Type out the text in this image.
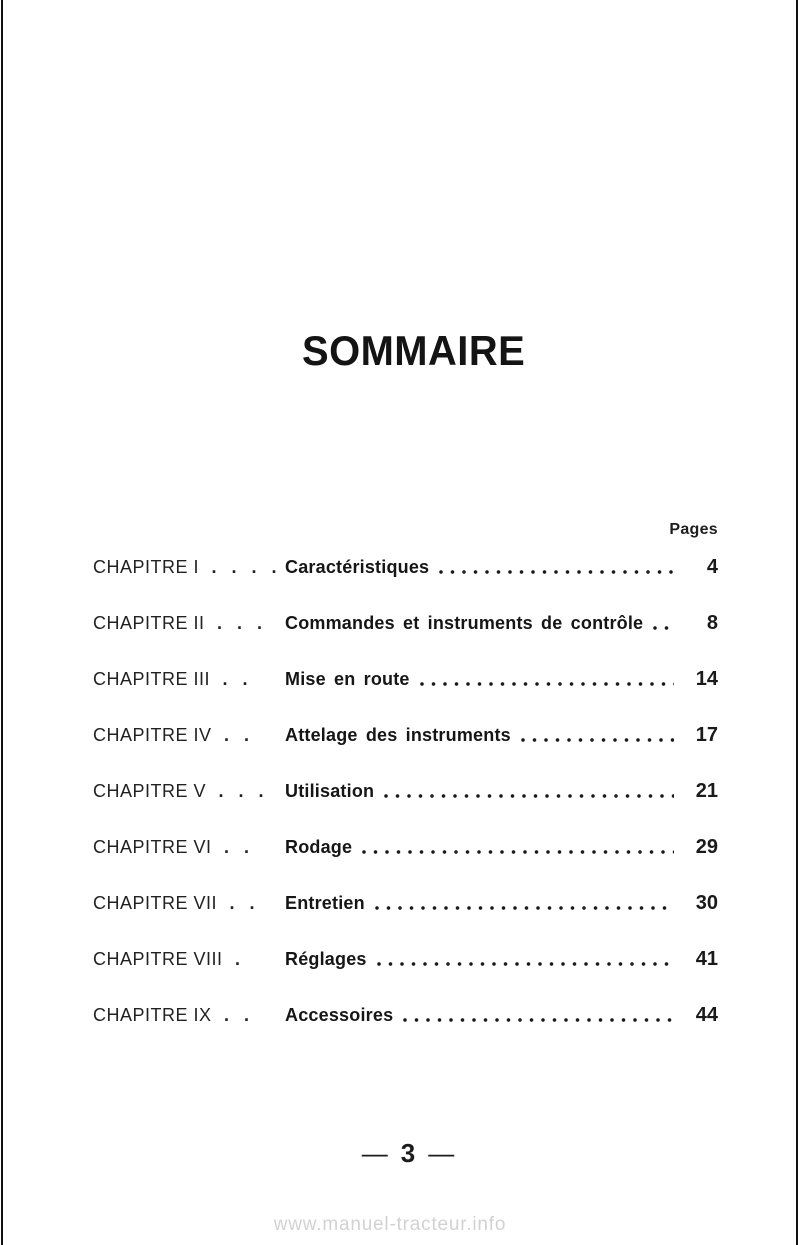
SOMMAIRE
Pages
CHAPITRE I . . . . Caractéristiques	4
CHAPITRE II . . . Commandes et instruments de contrôle	8
CHAPITRE III . .	Mise en route	14
CHAPITRE IV . .	Attelage des instruments	17
CHAPITRE V . . . Utilisation	21
CHAPITRE VI . .	Rodage	29
CHAPITRE VII . .	Entretien	30
CHAPITRE VIII .	Réglages	41
CHAPITRE IX . .	Accessoires	44
— 3 —
www.manuel-tracteur.info
